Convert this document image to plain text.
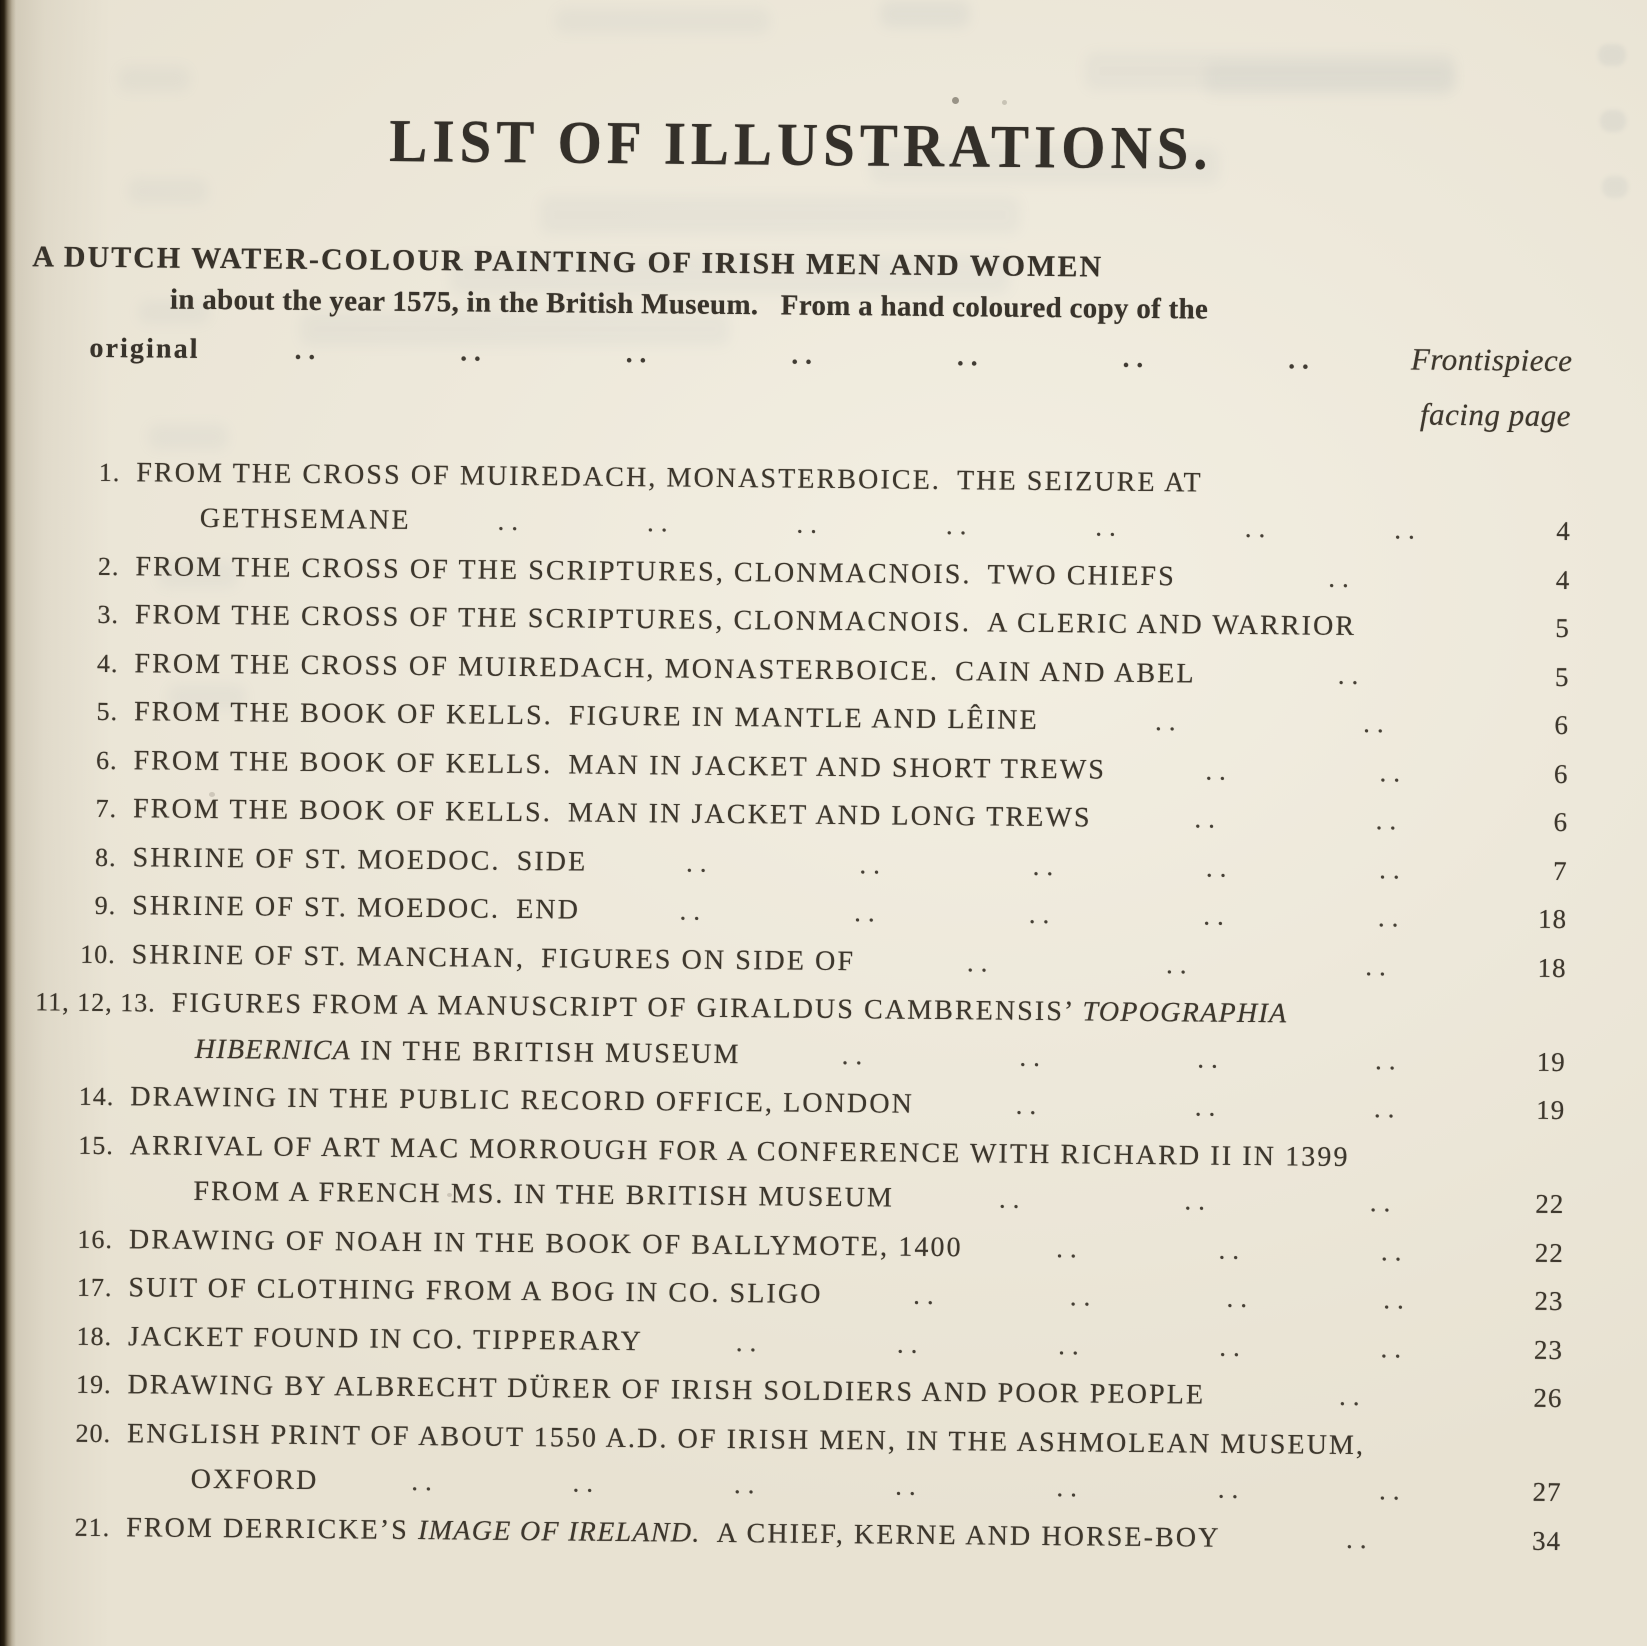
LIST OF ILLUSTRATIONS.
A DUTCH WATER-COLOUR PAINTING OF IRISH MEN AND WOMEN
in about the year 1575, in the British Museum.  From a hand coloured copy of the
original	..	..	..	..	..	..	..	Frontispiece
facing page
1. FROM THE CROSS OF MUIREDACH, MONASTERBOICE. THE SEIZURE AT
GETHSEMANE	..	..	..	..	..	..	..	4
2. FROM THE CROSS OF THE SCRIPTURES, CLONMACNOIS. TWO CHIEFS	..	4
3. FROM THE CROSS OF THE SCRIPTURES, CLONMACNOIS. A CLERIC AND WARRIOR	5
4. FROM THE CROSS OF MUIREDACH, MONASTERBOICE. CAIN AND ABEL	..	5
5. FROM THE BOOK OF KELLS. FIGURE IN MANTLE AND LÊINE	..	..	6
6. FROM THE BOOK OF KELLS. MAN IN JACKET AND SHORT TREWS	..	..	6
7. FROM THE BOOK OF KELLS. MAN IN JACKET AND LONG TREWS	..	..	6
8. SHRINE OF ST. MOEDOC. SIDE	..	..	..	..	..	7
9. SHRINE OF ST. MOEDOC. END	..	..	..	..	..	18
10. SHRINE OF ST. MANCHAN, FIGURES ON SIDE OF	..	..	..	18
11, 12, 13. FIGURES FROM A MANUSCRIPT OF GIRALDUS CAMBRENSIS’ TOPOGRAPHIA
HIBERNICA IN THE BRITISH MUSEUM	..	..	..	..	19
14. DRAWING IN THE PUBLIC RECORD OFFICE, LONDON	..	..	..	19
15. ARRIVAL OF ART MAC MORROUGH FOR A CONFERENCE WITH RICHARD II IN 1399
FROM A FRENCH MS. IN THE BRITISH MUSEUM	..	..	..	22
16. DRAWING OF NOAH IN THE BOOK OF BALLYMOTE, 1400	..	..	..	22
17. SUIT OF CLOTHING FROM A BOG IN CO. SLIGO	..	..	..	..	23
18. JACKET FOUND IN CO. TIPPERARY	..	..	..	..	..	23
19. DRAWING BY ALBRECHT DÜRER OF IRISH SOLDIERS AND POOR PEOPLE	..	26
20. ENGLISH PRINT OF ABOUT 1550 A.D. OF IRISH MEN, IN THE ASHMOLEAN MUSEUM,
OXFORD	..	..	..	..	..	..	..	27
21. FROM DERRICKE’S IMAGE OF IRELAND. A CHIEF, KERNE AND HORSE-BOY	..	34
